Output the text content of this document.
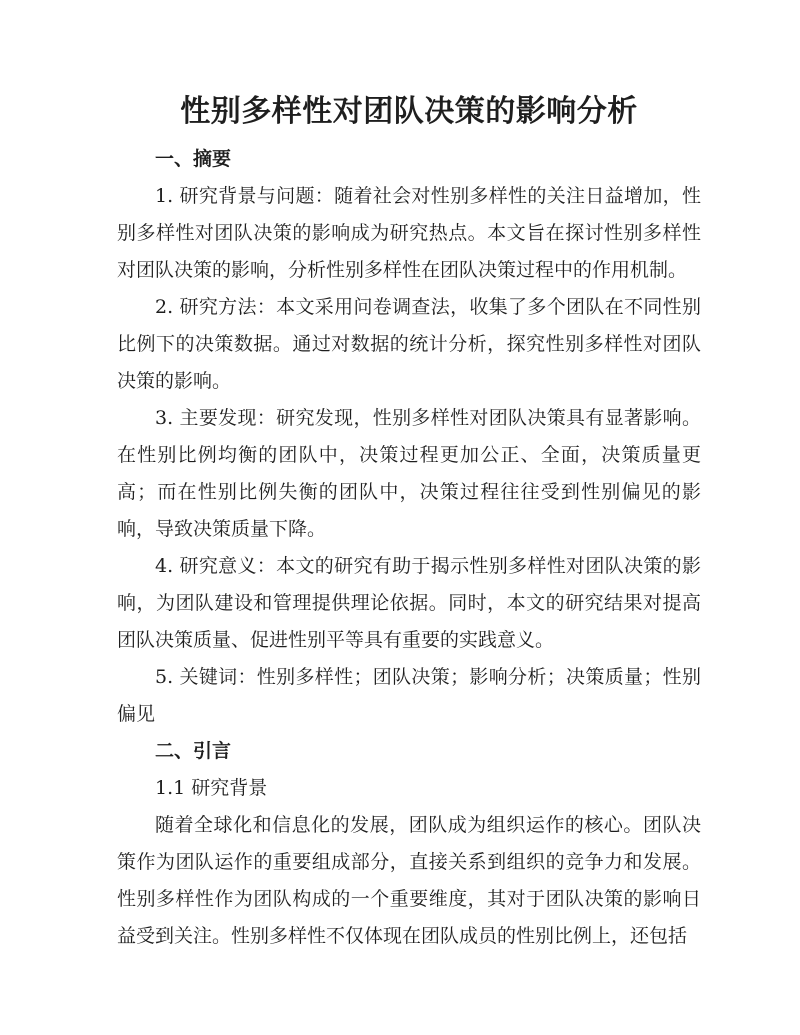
性别多样性对团队决策的影响分析
一、摘要

1. 研究背景与问题：随着社会对性别多样性的关注日益增加，性别多样性对团队决策的影响成为研究热点。本文旨在探讨性别多样性对团队决策的影响，分析性别多样性在团队决策过程中的作用机制。

2. 研究方法：本文采用问卷调查法，收集了多个团队在不同性别比例下的决策数据。通过对数据的统计分析，探究性别多样性对团队决策的影响。

3. 主要发现：研究发现，性别多样性对团队决策具有显著影响。在性别比例均衡的团队中，决策过程更加公正、全面，决策质量更高；而在性别比例失衡的团队中，决策过程往往受到性别偏见的影响，导致决策质量下降。

4. 研究意义：本文的研究有助于揭示性别多样性对团队决策的影响，为团队建设和管理提供理论依据。同时，本文的研究结果对提高团队决策质量、促进性别平等具有重要的实践意义。

5. 关键词：性别多样性；团队决策；影响分析；决策质量；性别偏见

二、引言

1.1 研究背景

随着全球化和信息化的发展，团队成为组织运作的核心。团队决策作为团队运作的重要组成部分，直接关系到组织的竞争力和发展。性别多样性作为团队构成的一个重要维度，其对于团队决策的影响日益受到关注。性别多样性不仅体现在团队成员的性别比例上，还包括
